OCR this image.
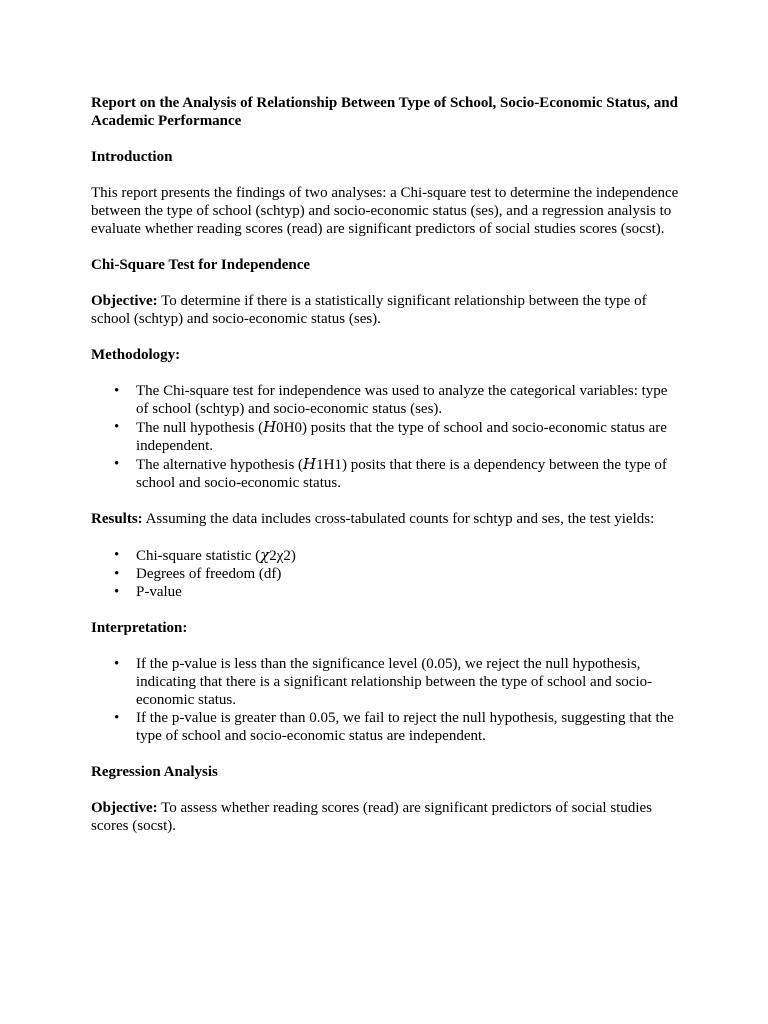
Report on the Analysis of Relationship Between Type of School, Socio-Economic Status, and Academic Performance

Introduction

This report presents the findings of two analyses: a Chi-square test to determine the independence between the type of school (schtyp) and socio-economic status (ses), and a regression analysis to evaluate whether reading scores (read) are significant predictors of social studies scores (socst).

Chi-Square Test for Independence

Objective: To determine if there is a statistically significant relationship between the type of school (schtyp) and socio-economic status (ses).

Methodology:
• The Chi-square test for independence was used to analyze the categorical variables: type of school (schtyp) and socio-economic status (ses).
• The null hypothesis (H0H0) posits that the type of school and socio-economic status are independent.
• The alternative hypothesis (H1H1) posits that there is a dependency between the type of school and socio-economic status.

Results: Assuming the data includes cross-tabulated counts for schtyp and ses, the test yields:

• Chi-square statistic (χ2χ2)
• Degrees of freedom (df)
• P-value
Interpretation:
• If the p-value is less than the significance level (0.05), we reject the null hypothesis, indicating that there is a significant relationship between the type of school and socio-economic status.
• If the p-value is greater than 0.05, we fail to reject the null hypothesis, suggesting that the type of school and socio-economic status are independent.
Regression Analysis

Objective: To assess whether reading scores (read) are significant predictors of social studies scores (socst).
